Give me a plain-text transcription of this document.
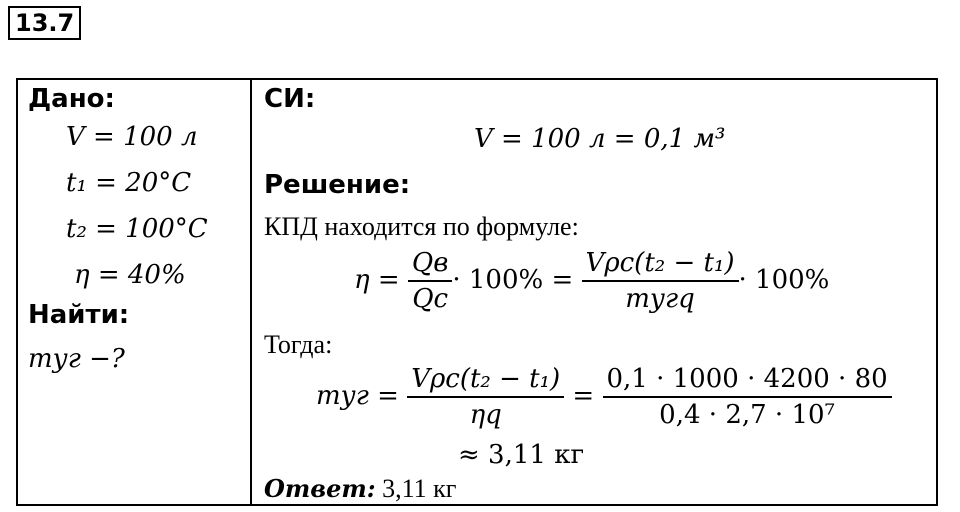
13.7
Дано:
V = 100 л
t₁ = 20°C
t₂ = 100°C
η = 40%
Найти:
mуг −?
СИ:
V = 100 л = 0,1 м³
Решение:
КПД находится по формуле:
$\eta = \frac{Qв}{Qс} \cdot 100\% = \frac{\text{Vρc(t₂ − t₁)}}{\text{mугq}} \cdot 100\%$
Тогда:
mуг = $\frac{\text{Vρc(t₂ − t₁)}}{\eta q} = \frac{0,1 \cdot 1000 \cdot 4200 \cdot 80}{\text{0,4 · 2,7 · 10⁷}}$
≈ 3,11 кг
Ответ: 3,11 кг
